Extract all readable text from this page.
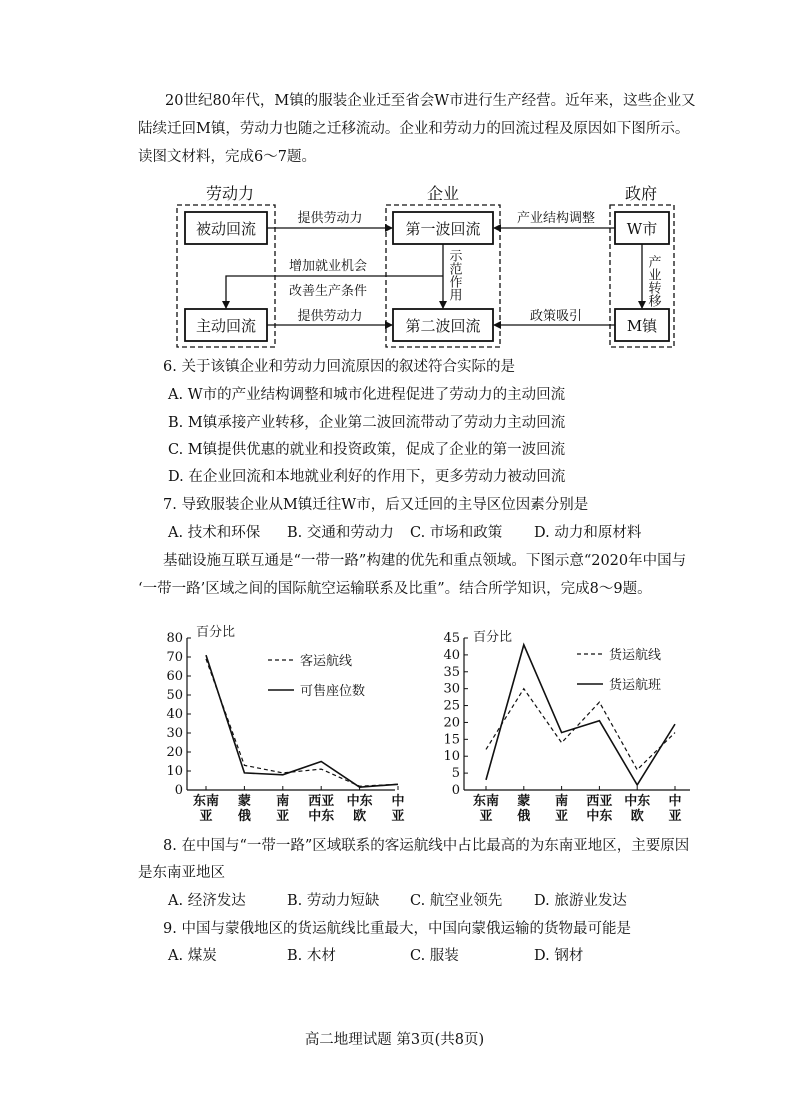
20世纪80年代，M镇的服装企业迁至省会W市进行生产经营。近年来，这些企业又
陆续迁回M镇，劳动力也随之迁移流动。企业和劳动力的回流过程及原因如下图所示。
读图文材料，完成6～7题。
劳动力	企业	政府
被动回流
主动回流
第一波回流
第二波回流
W市
M镇
提供劳动力
提供劳动力
产业结构调整
政策吸引
产业转移
示范作用
增加就业机会
改善生产条件
6. 关于该镇企业和劳动力回流原因的叙述符合实际的是
A. W市的产业结构调整和城市化进程促进了劳动力的主动回流
B. M镇承接产业转移，企业第二波回流带动了劳动力主动回流
C. M镇提供优惠的就业和投资政策，促成了企业的第一波回流
D. 在企业回流和本地就业利好的作用下，更多劳动力被动回流
7. 导致服装企业从M镇迁往W市，后又迁回的主导区位因素分别是
A. 技术和环保 B. 交通和劳动力 C. 市场和政策 D. 动力和原材料
基础设施互联互通是“一带一路”构建的优先和重点领域。下图示意“2020年中国与
‘一带一路’区域之间的国际航空运输联系及比重”。结合所学知识，完成8～9题。
0
10
20
30
40
50
60
70
80 百分比
东南
亚
蒙
俄
南
亚
西亚
中东
中东
欧
中
亚
客运航线
可售座位数
0
5
10
15
20
25
30
35
40
45 百分比
东南
亚
蒙
俄
南
亚
西亚
中东
中东
欧
中
亚
货运航线
货运航班
8. 在中国与“一带一路”区域联系的客运航线中占比最高的为东南亚地区，主要原因
是东南亚地区
A. 经济发达	B. 劳动力短缺 C. 航空业领先 D. 旅游业发达
9. 中国与蒙俄地区的货运航线比重最大，中国向蒙俄运输的货物最可能是
A. 煤炭	B. 木材	C. 服装	D. 钢材
高二地理试题 第3页(共8页)
